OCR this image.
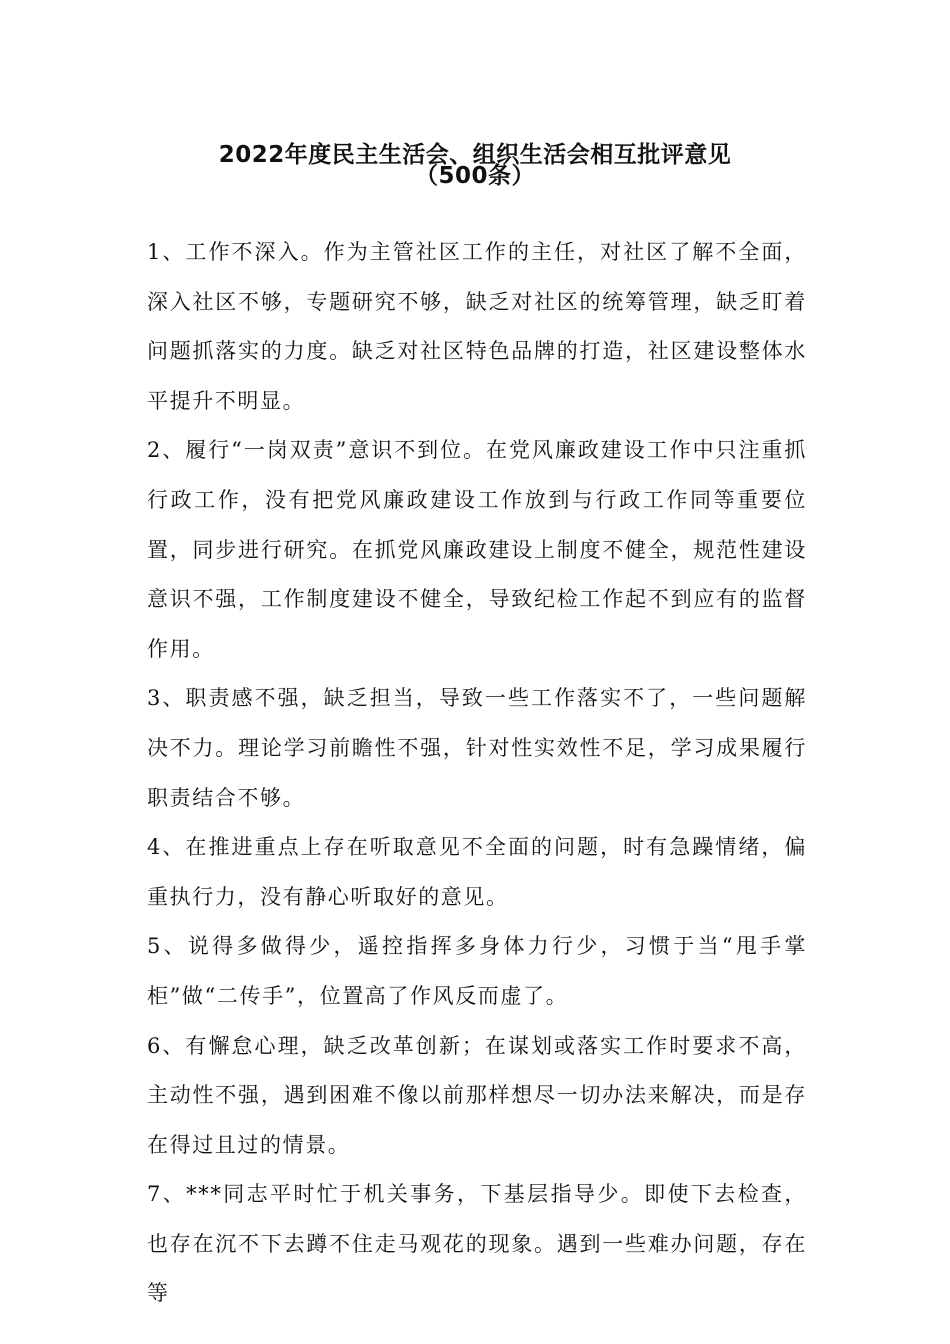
2022年度民主生活会、组织生活会相互批评意见
（500条）

1、工作不深入。作为主管社区工作的主任，对社区了解不全面，深入社区不够，专题研究不够，缺乏对社区的统筹管理，缺乏盯着问题抓落实的力度。缺乏对社区特色品牌的打造，社区建设整体水平提升不明显。

2、履行“一岗双责”意识不到位。在党风廉政建设工作中只注重抓行政工作，没有把党风廉政建设工作放到与行政工作同等重要位置，同步进行研究。在抓党风廉政建设上制度不健全，规范性建设意识不强，工作制度建设不健全，导致纪检工作起不到应有的监督作用。

3、职责感不强，缺乏担当，导致一些工作落实不了，一些问题解决不力。理论学习前瞻性不强，针对性实效性不足，学习成果履行职责结合不够。

4、在推进重点上存在听取意见不全面的问题，时有急躁情绪，偏重执行力，没有静心听取好的意见。

5、说得多做得少，遥控指挥多身体力行少，习惯于当“甩手掌柜”做“二传手”，位置高了作风反而虚了。

6、有懈怠心理，缺乏改革创新；在谋划或落实工作时要求不高，主动性不强，遇到困难不像以前那样想尽一切办法来解决，而是存在得过且过的情景。

7、***同志平时忙于机关事务，下基层指导少。即使下去检查，也存在沉不下去蹲不住走马观花的现象。遇到一些难办问题，存在等
